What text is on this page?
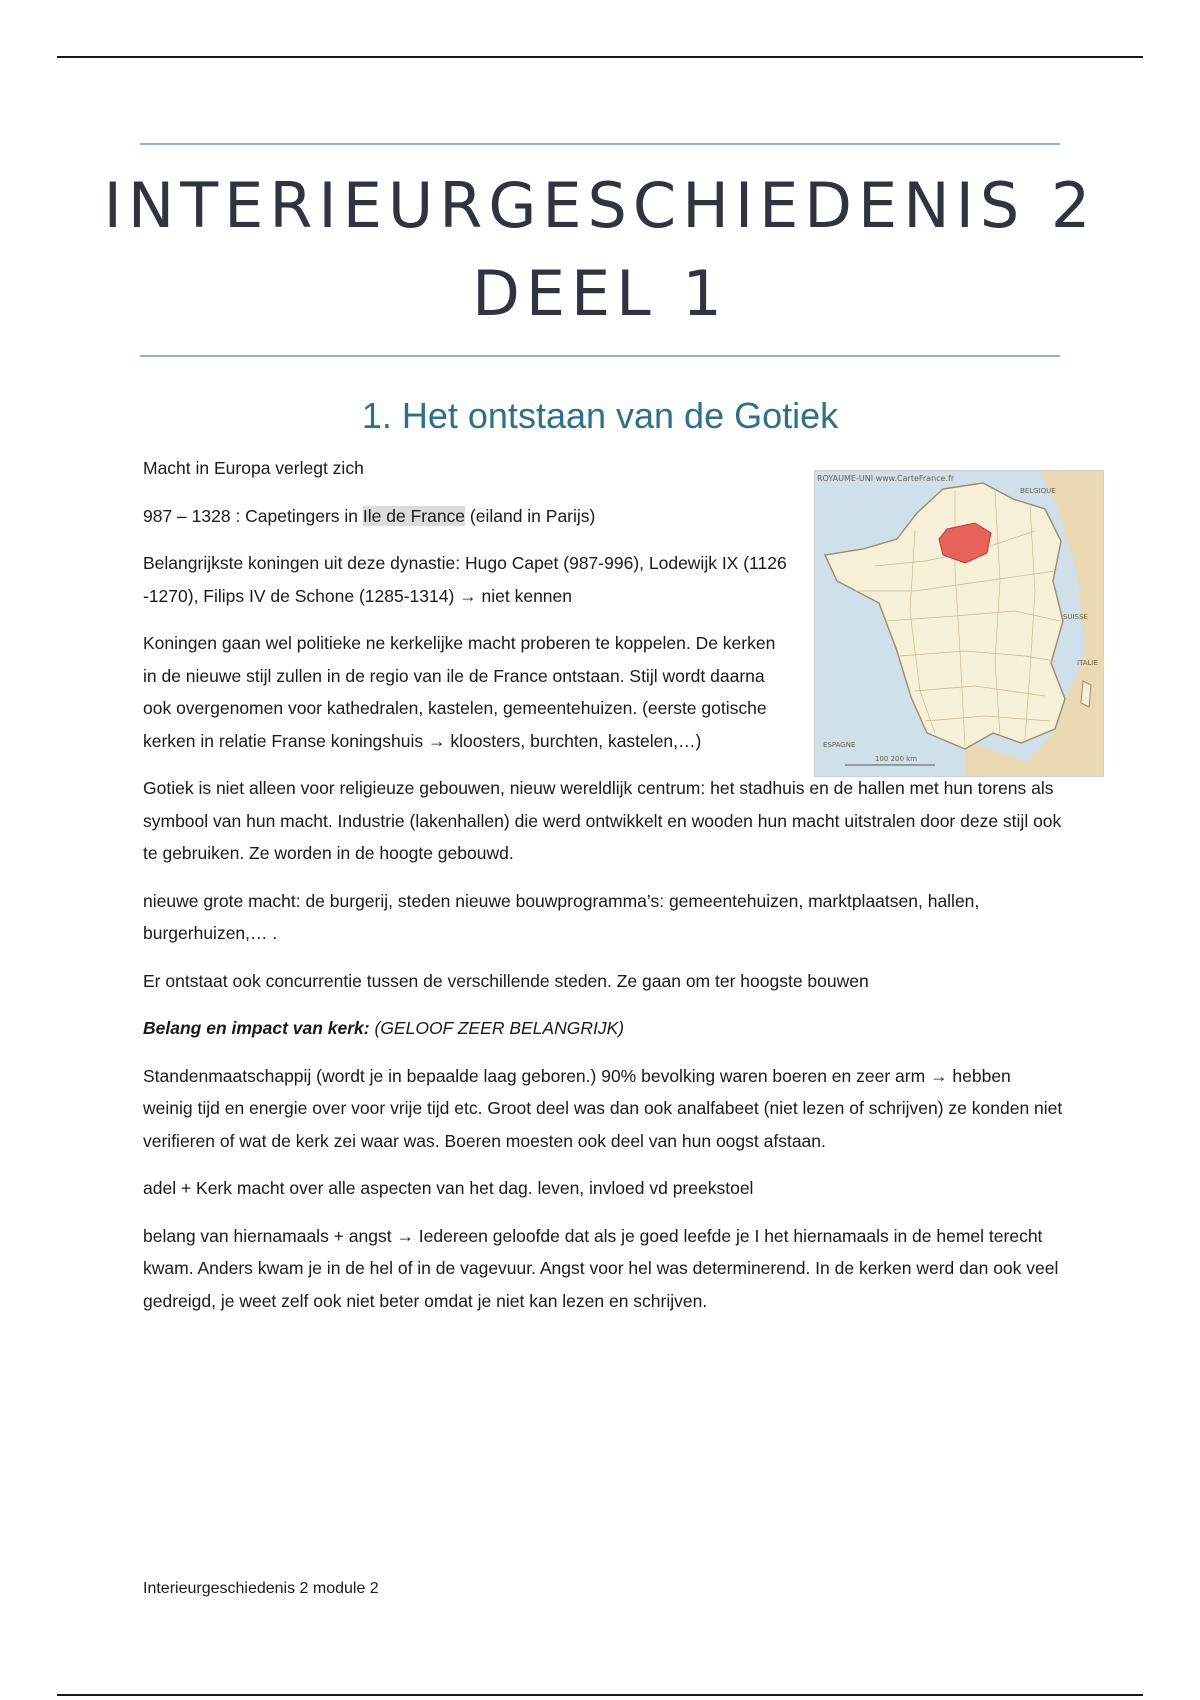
INTERIEURGESCHIEDENIS 2
DEEL 1
1. Het ontstaan van de Gotiek
ROYAUME-UNI www.CarteFrance.fr
BELGIQUE
SUISSE
ITALIE
ESPAGNE
100 200 km

Macht in Europa verlegt zich

987 – 1328 : Capetingers in Ile de France (eiland in Parijs)

Belangrijkste koningen uit deze dynastie: Hugo Capet (987-996), Lodewijk IX (1126 -1270), Filips IV de Schone (1285-1314) → niet kennen

Koningen gaan wel politieke ne kerkelijke macht proberen te koppelen. De kerken in de nieuwe stijl zullen in de regio van ile de France ontstaan. Stijl wordt daarna ook overgenomen voor kathedralen, kastelen, gemeentehuizen. (eerste gotische kerken in relatie Franse koningshuis → kloosters, burchten, kastelen,…)

Gotiek is niet alleen voor religieuze gebouwen, nieuw wereldlijk centrum: het stadhuis en de hallen met hun torens als symbool van hun macht. Industrie (lakenhallen) die werd ontwikkelt en wooden hun macht uitstralen door deze stijl ook te gebruiken. Ze worden in de hoogte gebouwd.

nieuwe grote macht: de burgerij, steden nieuwe bouwprogramma’s: gemeentehuizen, marktplaatsen, hallen, burgerhuizen,… .

Er ontstaat ook concurrentie tussen de verschillende steden. Ze gaan om ter hoogste bouwen

Belang en impact van kerk: (GELOOF ZEER BELANGRIJK)

Standenmaatschappij (wordt je in bepaalde laag geboren.) 90% bevolking waren boeren en zeer arm → hebben weinig tijd en energie over voor vrije tijd etc. Groot deel was dan ook analfabeet (niet lezen of schrijven) ze konden niet verifieren of wat de kerk zei waar was. Boeren moesten ook deel van hun oogst afstaan.

adel + Kerk macht over alle aspecten van het dag. leven, invloed vd preekstoel

belang van hiernamaals + angst → Iedereen geloofde dat als je goed leefde je I het hiernamaals in de hemel terecht kwam. Anders kwam je in de hel of in de vagevuur. Angst voor hel was determinerend. In de kerken werd dan ook veel gedreigd, je weet zelf ook niet beter omdat je niet kan lezen en schrijven.

Interieurgeschiedenis 2 module 2
